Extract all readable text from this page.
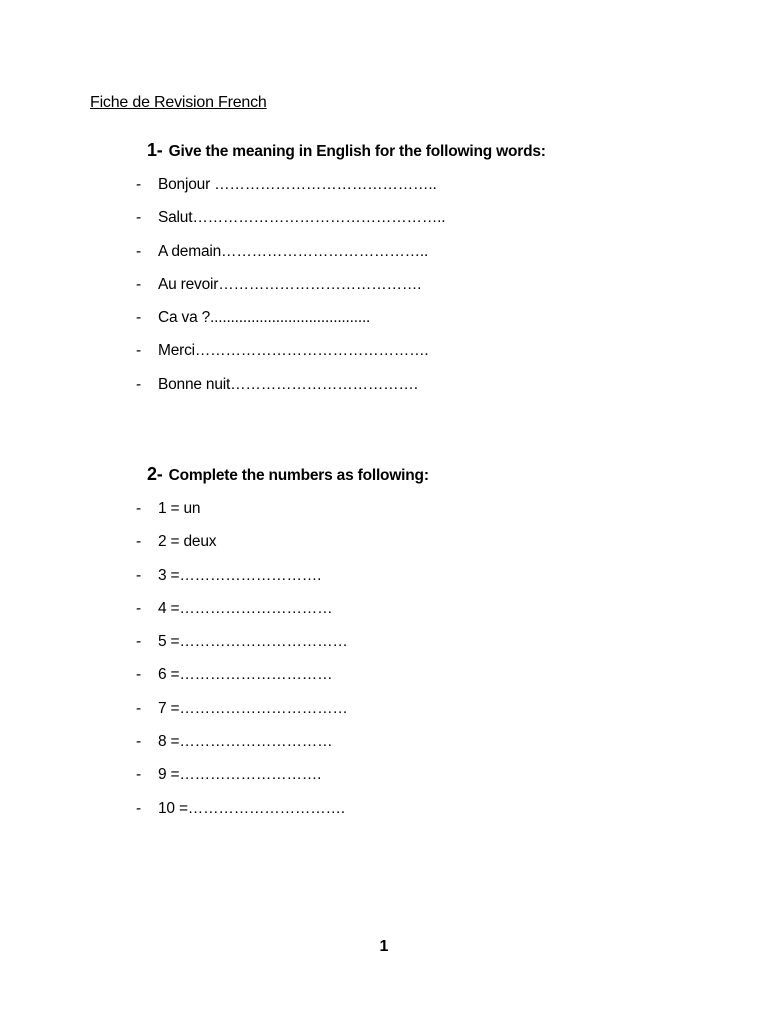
Fiche de Revision French
1- Give the meaning in English for the following words:
-	Bonjour ……………………………………..
-	Salut…………………………………………..
-	A demain…………………………………..
-	Au revoir………………………………….
-	Ca va ?.......................................
-	Merci……………………………………….
-	Bonne nuit……………………………….
2- Complete the numbers as following:
-	1 = un
-	2 = deux
-	3 =……………………….
-	4 =…………………………
-	5 =……………………………
-	6 =…………………………
-	7 =……………………………
-	8 =…………………………
-	9 =……………………….
-	10 =………………………….
1
